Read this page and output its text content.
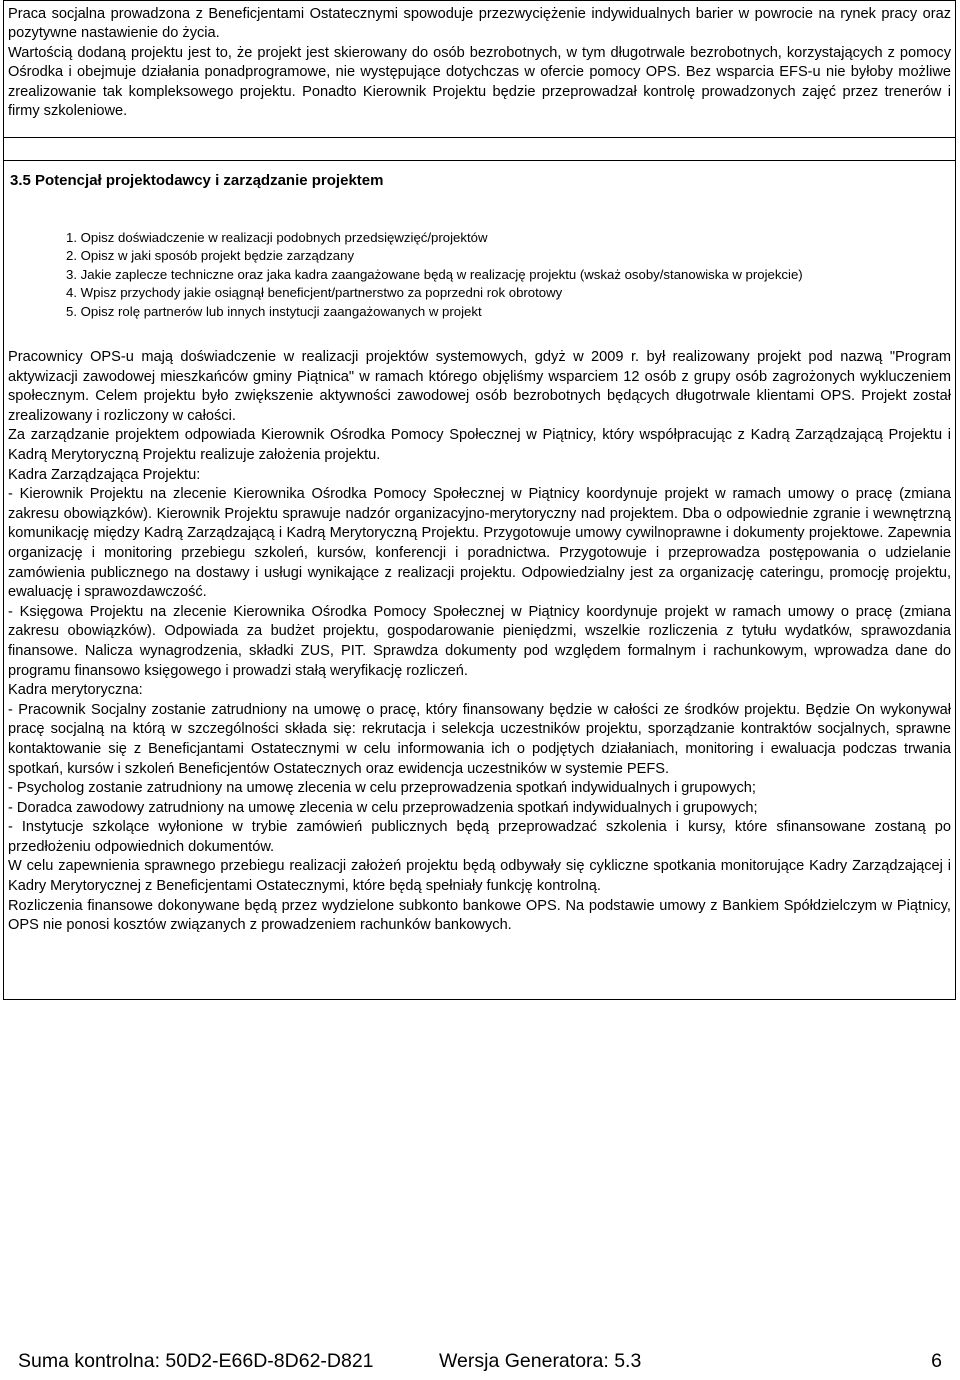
Praca socjalna prowadzona z Beneficjentami Ostatecznymi spowoduje przezwyciężenie indywidualnych barier w powrocie na rynek pracy oraz pozytywne nastawienie do życia.

Wartością dodaną projektu jest to, że projekt jest skierowany do osób bezrobotnych, w tym długotrwale bezrobotnych, korzystających z pomocy Ośrodka i obejmuje działania ponadprogramowe, nie występujące dotychczas w ofercie pomocy OPS. Bez wsparcia EFS-u nie byłoby możliwe zrealizowanie tak kompleksowego projektu. Ponadto Kierownik Projektu będzie przeprowadzał kontrolę prowadzonych zajęć przez trenerów i firmy szkoleniowe.

3.5 Potencjał projektodawcy i zarządzanie projektem
1. Opisz doświadczenie w realizacji podobnych przedsięwzięć/projektów
2. Opisz w jaki sposób projekt będzie zarządzany
3. Jakie zaplecze techniczne oraz jaka kadra zaangażowane będą w realizację projektu (wskaż osoby/stanowiska w projekcie)
4. Wpisz przychody jakie osiągnął beneficjent/partnerstwo za poprzedni rok obrotowy
5. Opisz rolę partnerów lub innych instytucji zaangażowanych w projekt

Pracownicy OPS-u mają doświadczenie w realizacji projektów systemowych, gdyż w 2009 r. był realizowany projekt pod nazwą "Program aktywizacji zawodowej mieszkańców gminy Piątnica" w ramach którego objęliśmy wsparciem 12 osób z grupy osób zagrożonych wykluczeniem społecznym. Celem projektu było zwiększenie aktywności zawodowej osób bezrobotnych będących długotrwale klientami OPS. Projekt został zrealizowany i rozliczony w całości.

Za zarządzanie projektem odpowiada Kierownik Ośrodka Pomocy Społecznej w Piątnicy, który współpracując z Kadrą Zarządzającą Projektu i Kadrą Merytoryczną Projektu realizuje założenia projektu.

Kadra Zarządzająca Projektu:

- Kierownik Projektu na zlecenie Kierownika Ośrodka Pomocy Społecznej w Piątnicy koordynuje projekt w ramach umowy o pracę (zmiana zakresu obowiązków). Kierownik Projektu sprawuje nadzór organizacyjno-merytoryczny nad projektem. Dba o odpowiednie zgranie i wewnętrzną komunikację między Kadrą Zarządzającą i Kadrą Merytoryczną Projektu. Przygotowuje umowy cywilnoprawne i dokumenty projektowe. Zapewnia organizację i monitoring przebiegu szkoleń, kursów, konferencji i poradnictwa. Przygotowuje i przeprowadza postępowania o udzielanie zamówienia publicznego na dostawy i usługi wynikające z realizacji projektu. Odpowiedzialny jest za organizację cateringu, promocję projektu, ewaluację i sprawozdawczość.

- Księgowa Projektu na zlecenie Kierownika Ośrodka Pomocy Społecznej w Piątnicy koordynuje projekt w ramach umowy o pracę (zmiana zakresu obowiązków). Odpowiada za budżet projektu, gospodarowanie pieniędzmi, wszelkie rozliczenia z tytułu wydatków, sprawozdania finansowe. Nalicza wynagrodzenia, składki ZUS, PIT. Sprawdza dokumenty pod względem formalnym i rachunkowym, wprowadza dane do programu finansowo księgowego i prowadzi stałą weryfikację rozliczeń.

Kadra merytoryczna:

- Pracownik Socjalny zostanie zatrudniony na umowę o pracę, który finansowany będzie w całości ze środków projektu. Będzie On wykonywał pracę socjalną na którą w szczególności składa się: rekrutacja i selekcja uczestników projektu, sporządzanie kontraktów socjalnych, sprawne kontaktowanie się z Beneficjantami Ostatecznymi w celu informowania ich o podjętych działaniach, monitoring i ewaluacja podczas trwania spotkań, kursów i szkoleń Beneficjentów Ostatecznych oraz ewidencja uczestników w systemie PEFS.

- Psycholog zostanie zatrudniony na umowę zlecenia w celu przeprowadzenia spotkań indywidualnych i grupowych;

- Doradca zawodowy zatrudniony na umowę zlecenia w celu przeprowadzenia spotkań indywidualnych i grupowych;

- Instytucje szkolące wyłonione w trybie zamówień publicznych będą przeprowadzać szkolenia i kursy, które sfinansowane zostaną po przedłożeniu odpowiednich dokumentów.

W celu zapewnienia sprawnego przebiegu realizacji założeń projektu będą odbywały się cykliczne spotkania monitorujące Kadry Zarządzającej i Kadry Merytorycznej z Beneficjentami Ostatecznymi, które będą spełniały funkcję kontrolną.

Rozliczenia finansowe dokonywane będą przez wydzielone subkonto bankowe OPS. Na podstawie umowy z Bankiem Spółdzielczym w Piątnicy, OPS nie ponosi kosztów związanych z prowadzeniem rachunków bankowych.

Suma kontrolna: 50D2-E66D-8D62-D821	Wersja Generatora: 5.3	6
